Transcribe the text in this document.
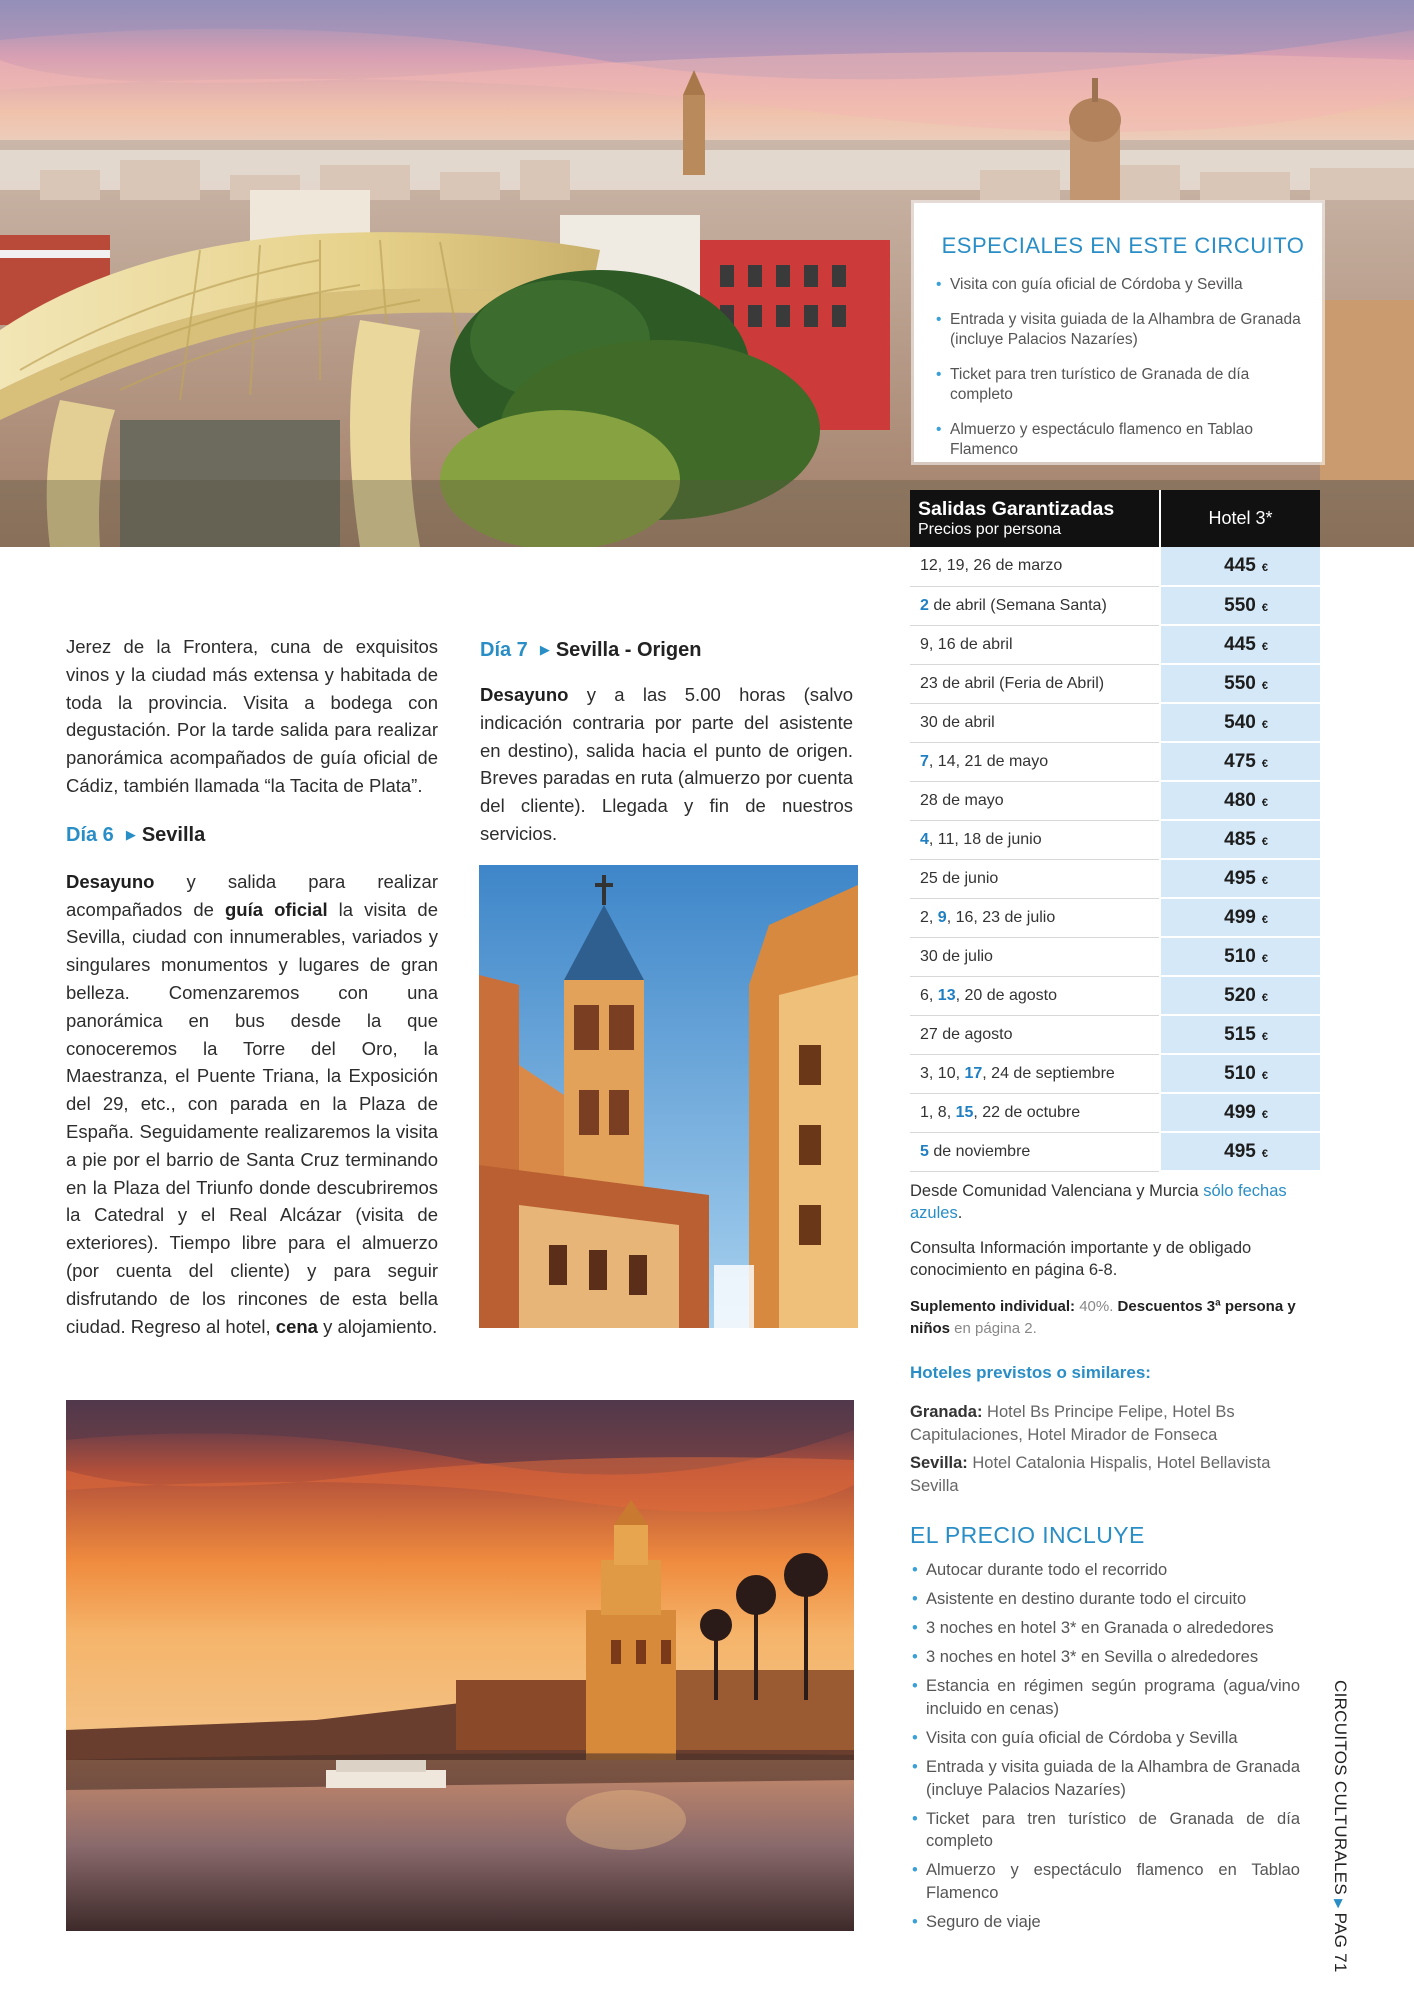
ESPECIALES EN ESTE CIRCUITO
• Visita con guía oficial de Córdoba y Sevilla
• Entrada y visita guiada de la Alhambra de Granada (incluye Palacios Nazaríes)
• Ticket para tren turístico de Granada de día completo
• Almuerzo y espectáculo flamenco en Tablao Flamenco

Jerez de la Frontera, cuna de exquisitos vinos y la ciudad más extensa y habitada de toda la provincia. Visita a bodega con degustación. Por la tarde salida para realizar panorámica acompañados de guía oficial de Cádiz, también llamada “la Tacita de Plata”.

Día 6 ▶ Sevilla

Desayuno y salida para realizar acompañados de guía oficial la visita de Sevilla, ciudad con innumerables, variados y singulares monumentos y lugares de gran belleza. Comenzaremos con una panorámica en bus desde la que conoceremos la Torre del Oro, la Maestranza, el Puente Triana, la Exposición del 29, etc., con parada en la Plaza de España. Seguidamente realizaremos la visita a pie por el barrio de Santa Cruz terminando en la Plaza del Triunfo donde descubriremos la Catedral y el Real Alcázar (visita de exteriores). Tiempo libre para el almuerzo (por cuenta del cliente) y para seguir disfrutando de los rincones de esta bella ciudad. Regreso al hotel, cena y alojamiento.

Día 7 ▶ Sevilla - Origen

Desayuno y a las 5.00 horas (salvo indicación contraria por parte del asistente en destino), salida hacia el punto de origen. Breves paradas en ruta (almuerzo por cuenta del cliente). Llegada y fin de nuestros servicios.

Salidas Garantizadas
Precios por persona	Hotel 3*
12, 19, 26 de marzo	445 €
2 de abril (Semana Santa)	550 €
9, 16 de abril	445 €
23 de abril (Feria de Abril)	550 €
30 de abril	540 €
7, 14, 21 de mayo	475 €
28 de mayo	480 €
4, 11, 18 de junio	485 €
25 de junio	495 €
2, 9, 16, 23 de julio	499 €
30 de julio	510 €
6, 13, 20 de agosto	520 €
27 de agosto	515 €
3, 10, 17, 24 de septiembre	510 €
1, 8, 15, 22 de octubre	499 €
5 de noviembre	495 €
Desde Comunidad Valenciana y Murcia sólo fechas azules.
Consulta Información importante y de obligado conocimiento en página 6-8.
Suplemento individual: 40%. Descuentos 3ª persona y niños en página 2.
Hoteles previstos o similares:
Granada: Hotel Bs Principe Felipe, Hotel Bs Capitulaciones, Hotel Mirador de Fonseca
Sevilla: Hotel Catalonia Hispalis, Hotel Bellavista Sevilla
EL PRECIO INCLUYE
• Autocar durante todo el recorrido
• Asistente en destino durante todo el circuito
• 3 noches en hotel 3* en Granada o alrededores
• 3 noches en hotel 3* en Sevilla o alrededores
• Estancia en régimen según programa (agua/vino incluido en cenas)
• Visita con guía oficial de Córdoba y Sevilla
• Entrada y visita guiada de la Alhambra de Granada (incluye Palacios Nazaríes)
• Ticket para tren turístico de Granada de día completo
• Almuerzo y espectáculo flamenco en Tablao Flamenco
• Seguro de viaje
CIRCUITOS CULTURALES▶PAG 71
